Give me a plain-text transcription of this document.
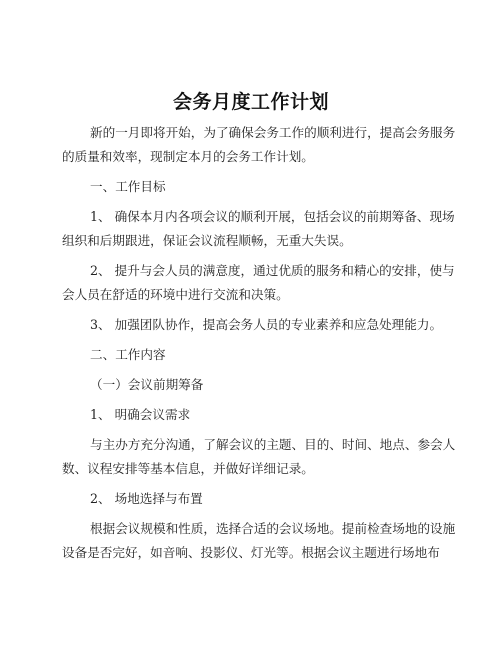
会务月度工作计划
新的一月即将开始，为了确保会务工作的顺利进行，提高会务服务
的质量和效率，现制定本月的会务工作计划。
一、工作目标
1、 确保本月内各项会议的顺利开展，包括会议的前期筹备、现场
组织和后期跟进，保证会议流程顺畅，无重大失误。
2、 提升与会人员的满意度，通过优质的服务和精心的安排，使与
会人员在舒适的环境中进行交流和决策。
3、 加强团队协作，提高会务人员的专业素养和应急处理能力。
二、工作内容
（一）会议前期筹备
1、 明确会议需求
与主办方充分沟通，了解会议的主题、目的、时间、地点、参会人
数、议程安排等基本信息，并做好详细记录。
2、 场地选择与布置
根据会议规模和性质，选择合适的会议场地。提前检查场地的设施
设备是否完好，如音响、投影仪、灯光等。根据会议主题进行场地布
